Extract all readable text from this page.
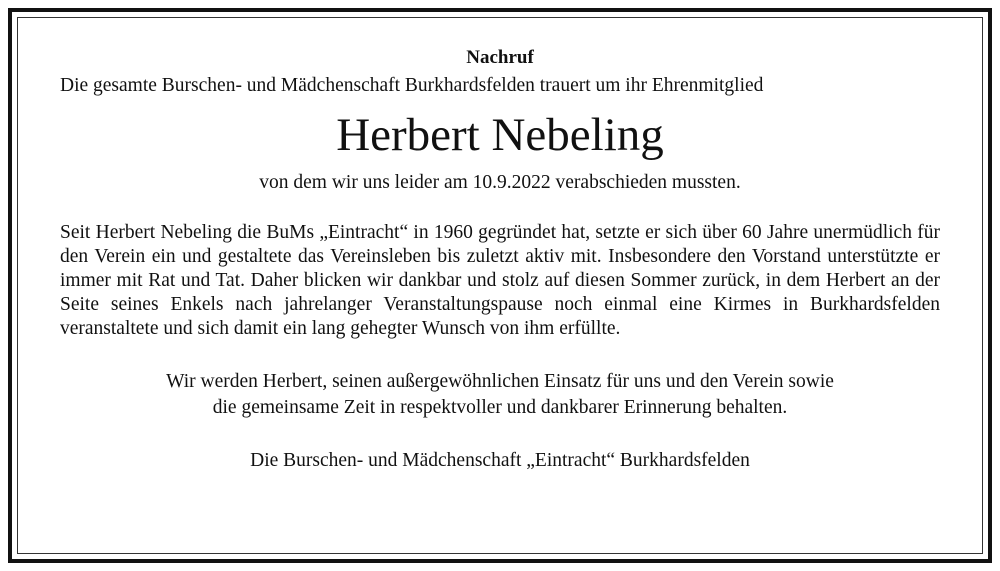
Nachruf

Die gesamte Burschen- und Mädchenschaft Burkhardsfelden trauert um ihr Ehrenmitglied

Herbert Nebeling

von dem wir uns leider am 10.9.2022 verabschieden mussten.

Seit Herbert Nebeling die BuMs „Eintracht“ in 1960 gegründet hat, setzte er sich über 60 Jahre unermüdlich für den Verein ein und gestaltete das Vereinsleben bis zuletzt aktiv mit. Insbesondere den Vorstand unterstützte er immer mit Rat und Tat. Daher blicken wir dankbar und stolz auf diesen Sommer zurück, in dem Herbert an der Seite seines Enkels nach jahrelanger Veranstaltungspause noch einmal eine Kirmes in Burkhardsfelden veranstaltete und sich damit ein lang gehegter Wunsch von ihm erfüllte.

Wir werden Herbert, seinen außergewöhnlichen Einsatz für uns und den Verein sowie
die gemeinsame Zeit in respektvoller und dankbarer Erinnerung behalten.

Die Burschen- und Mädchenschaft „Eintracht“ Burkhardsfelden
